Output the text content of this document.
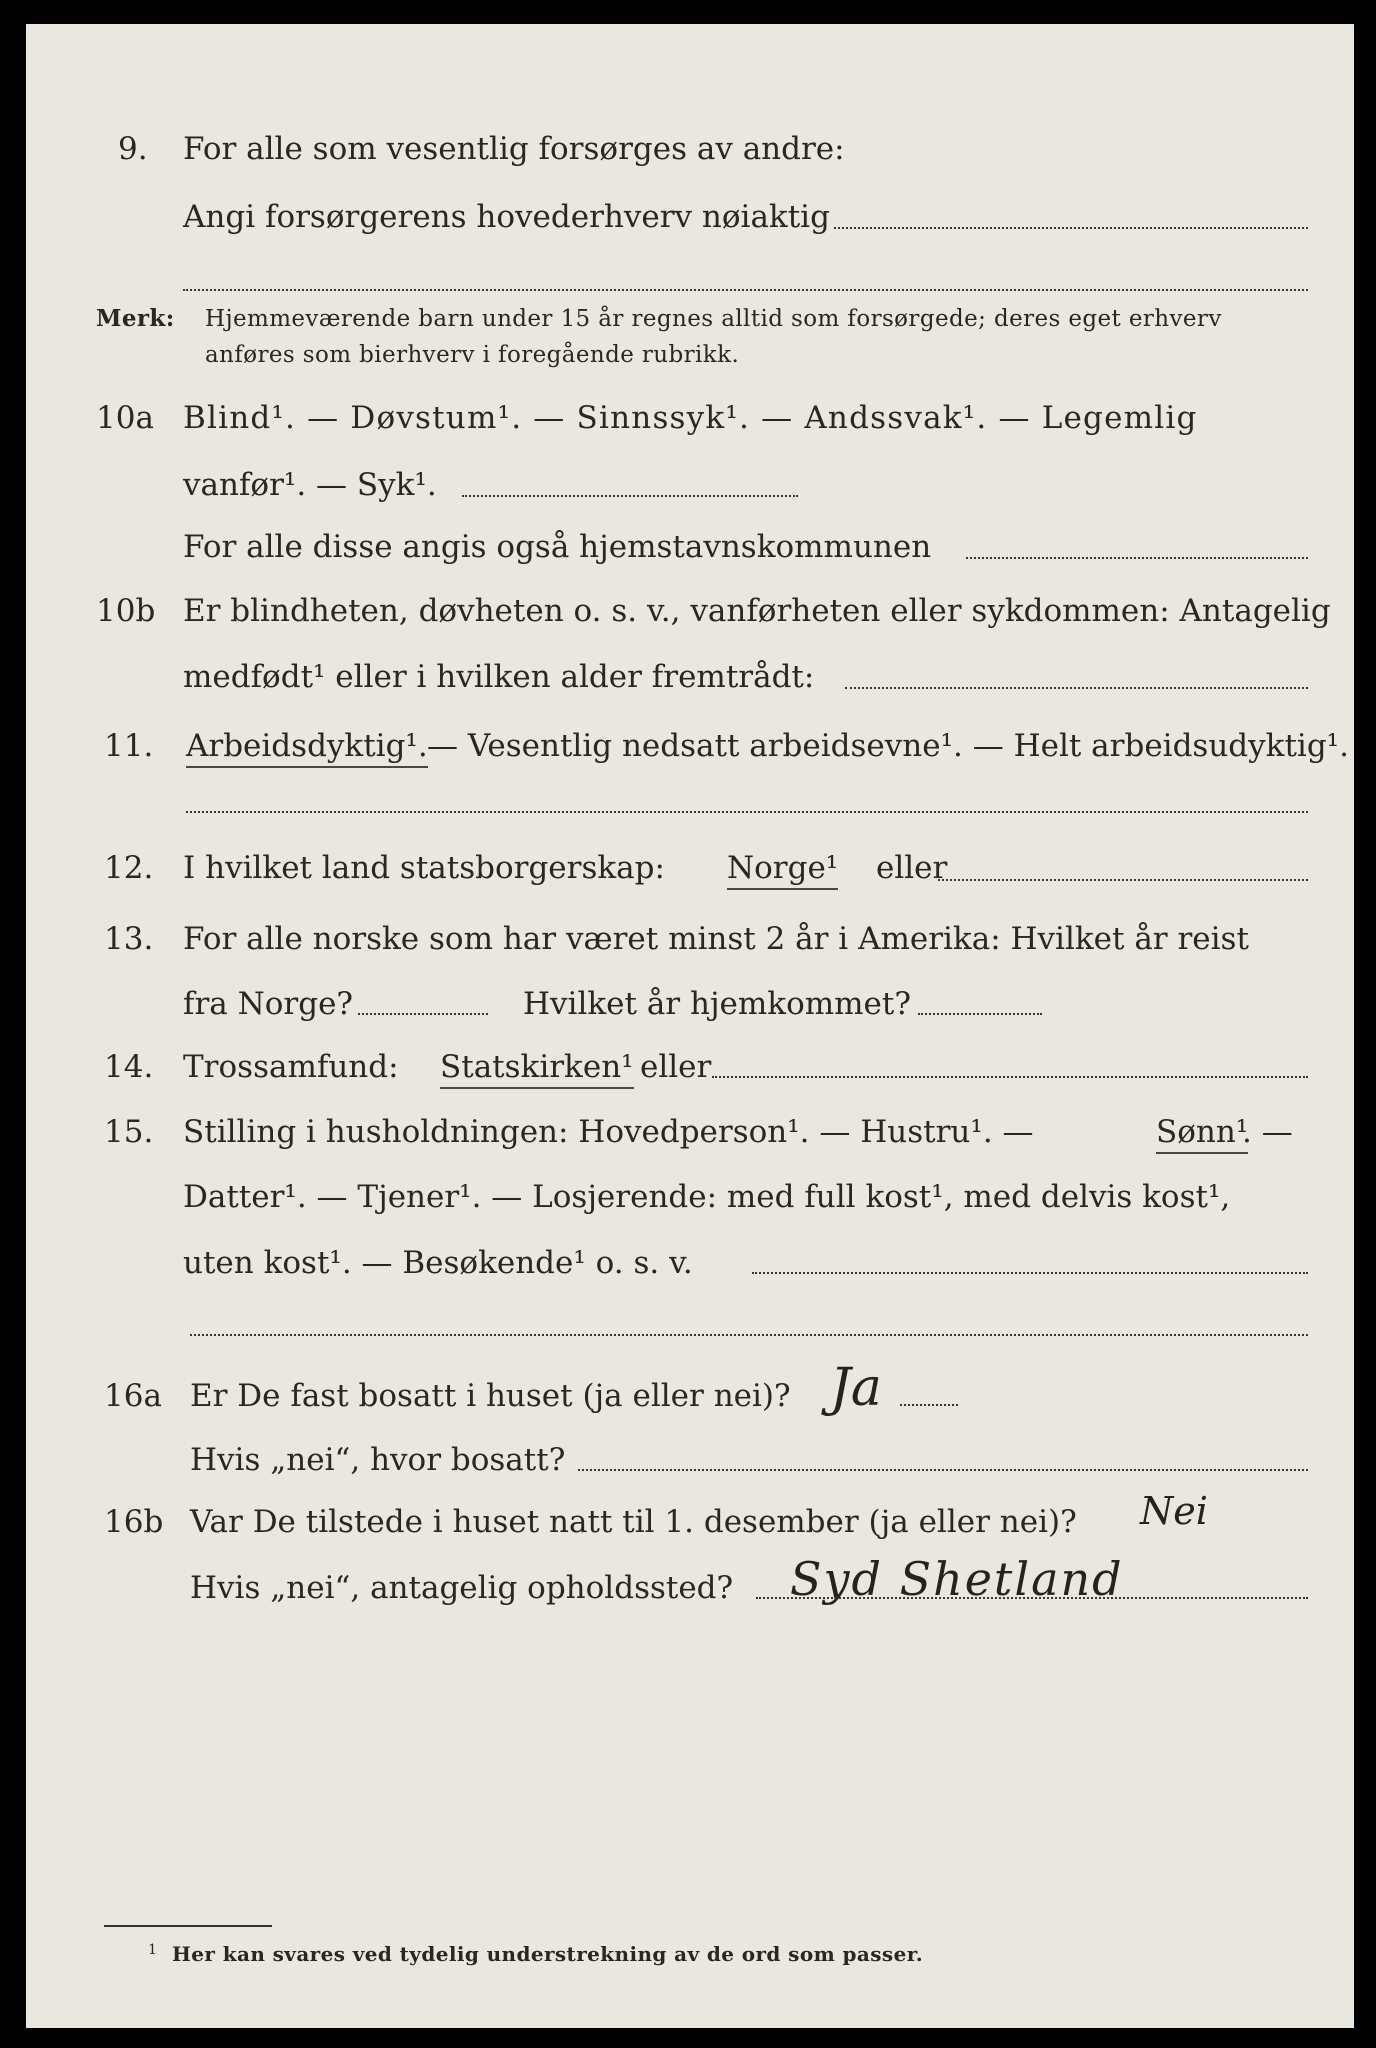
9. For alle som vesentlig forsørges av andre:
Angi forsørgerens hovederhverv nøiaktig
Merk: Hjemmeværende barn under 15 år regnes alltid som forsørgede; deres eget erhverv
anføres som bierhverv i foregående rubrikk.
10a Blind¹. — Døvstum¹. — Sinnssyk¹. — Andssvak¹. — Legemlig
vanfør¹. — Syk¹.
For alle disse angis også hjemstavnskommunen
10b Er blindheten, døvheten o. s. v., vanførheten eller sykdommen: Antagelig
medfødt¹ eller i hvilken alder fremtrådt:
11. Arbeidsdyktig¹. — Vesentlig nedsatt arbeidsevne¹. — Helt arbeidsudyktig¹.
12. I hvilket land statsborgerskap: Norge¹ eller
13. For alle norske som har været minst 2 år i Amerika: Hvilket år reist
fra Norge?	Hvilket år hjemkommet?
14. Trossamfund: Statskirken¹ eller
15. Stilling i husholdningen: Hovedperson¹. — Hustru¹. —	Sønn¹
. —
Datter¹. — Tjener¹. — Losjerende: med full kost¹, med delvis kost¹,
uten kost¹. — Besøkende¹ o. s. v.
16a Er De fast bosatt i huset (ja eller nei)? Ja
Hvis „nei“, hvor bosatt?
16b Var De tilstede i huset natt til 1. desember (ja eller nei)? Nei
Hvis „nei“, antagelig opholdssted? Syd Shetland
1 Her kan svares ved tydelig understrekning av de ord som passer.
